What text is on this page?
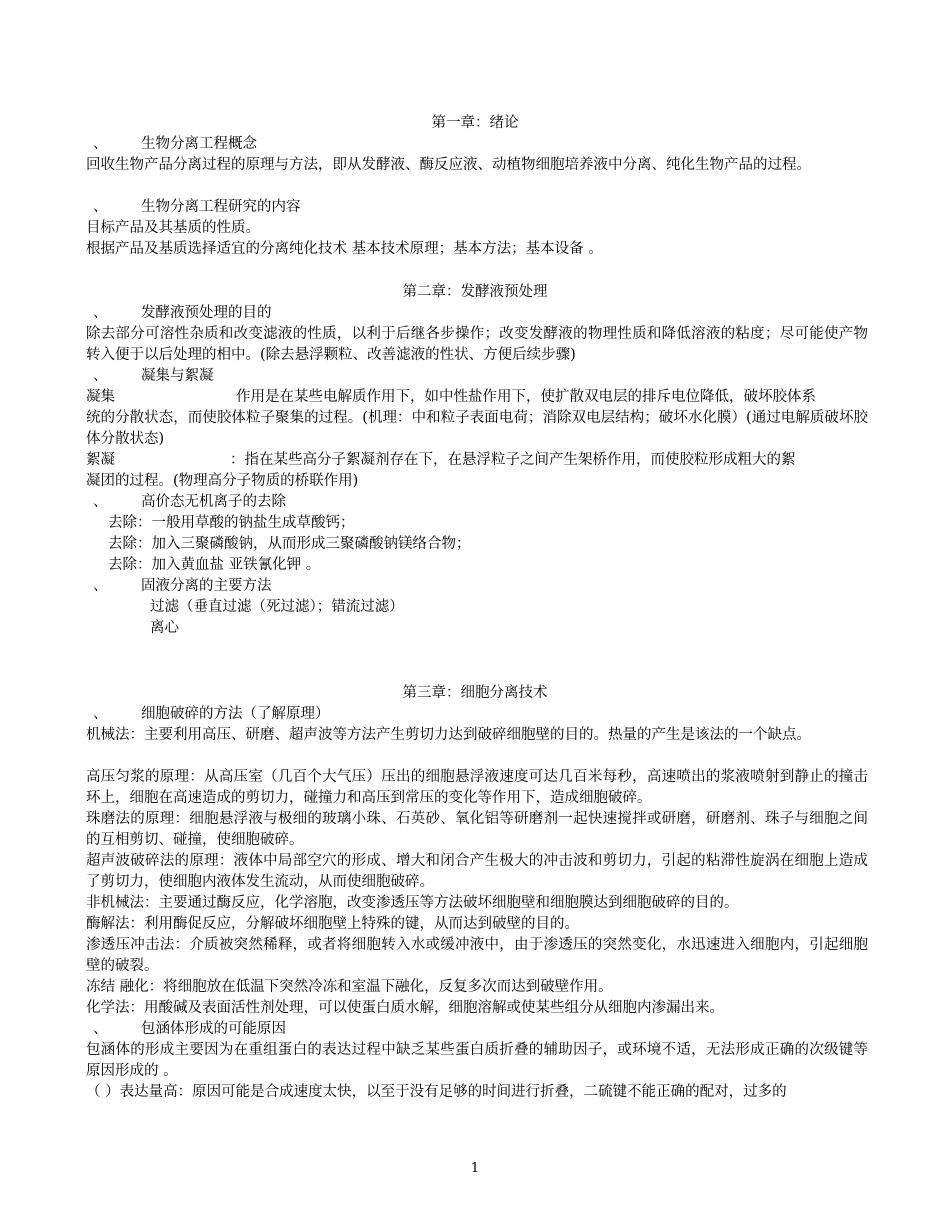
第一章：绪论
、 生物分离工程概念
回收生物产品分离过程的原理与方法，即从发酵液、酶反应液、动植物细胞培养液中分离、纯化生物产品的过程。
、 生物分离工程研究的内容
目标产品及其基质的性质。
根据产品及基质选择适宜的分离纯化技术 基本技术原理；基本方法；基本设备 。
第二章：发酵液预处理
、 发酵液预处理的目的
除去部分可溶性杂质和改变滤液的性质，以利于后继各步操作；改变发酵液的物理性质和降低溶液的粘度；尽可能使产物转入便于以后处理的相中。(除去悬浮颗粒、改善滤液的性状、方便后续步骤)
、 凝集与絮凝
凝集	作用是在某些电解质作用下，如中性盐作用下，使扩散双电层的排斥电位降低，破坏胶体系
统的分散状态，而使胶体粒子聚集的过程。(机理：中和粒子表面电荷；消除双电层结构；破坏水化膜）(通过电解质破坏胶体分散状态)
絮凝	：指在某些高分子絮凝剂存在下，在悬浮粒子之间产生架桥作用，而使胶粒形成粗大的絮
凝团的过程。(物理高分子物质的桥联作用)
、 高价态无机离子的去除
去除：一般用草酸的钠盐生成草酸钙；
去除：加入三聚磷酸钠，从而形成三聚磷酸钠镁络合物；
去除：加入黄血盐 亚铁氰化钾 。
、 固液分离的主要方法
过滤（垂直过滤（死过滤）；错流过滤）
离心
第三章：细胞分离技术
、 细胞破碎的方法（了解原理）
机械法：主要利用高压、研磨、超声波等方法产生剪切力达到破碎细胞壁的目的。热量的产生是该法的一个缺点。
高压匀浆的原理：从高压室（几百个大气压）压出的细胞悬浮液速度可达几百米每秒，高速喷出的浆液喷射到静止的撞击环上，细胞在高速造成的剪切力，碰撞力和高压到常压的变化等作用下，造成细胞破碎。
珠磨法的原理：细胞悬浮液与极细的玻璃小珠、石英砂、氧化铝等研磨剂一起快速搅拌或研磨，研磨剂、珠子与细胞之间的互相剪切、碰撞，使细胞破碎。
超声波破碎法的原理：液体中局部空穴的形成、增大和闭合产生极大的冲击波和剪切力，引起的粘滞性旋涡在细胞上造成了剪切力，使细胞内液体发生流动，从而使细胞破碎。
非机械法：主要通过酶反应，化学溶胞，改变渗透压等方法破坏细胞壁和细胞膜达到细胞破碎的目的。
酶解法：利用酶促反应，分解破坏细胞壁上特殊的键，从而达到破壁的目的。
渗透压冲击法：介质被突然稀释，或者将细胞转入水或缓冲液中，由于渗透压的突然变化，水迅速进入细胞内，引起细胞壁的破裂。
冻结 融化：将细胞放在低温下突然冷冻和室温下融化，反复多次而达到破壁作用。
化学法：用酸碱及表面活性剂处理，可以使蛋白质水解，细胞溶解或使某些组分从细胞内渗漏出来。
、 包涵体形成的可能原因
包涵体的形成主要因为在重组蛋白的表达过程中缺乏某些蛋白质折叠的辅助因子，或环境不适，无法形成正确的次级键等原因形成的 。
（ ）表达量高：原因可能是合成速度太快，以至于没有足够的时间进行折叠，二硫键不能正确的配对，过多的
1
